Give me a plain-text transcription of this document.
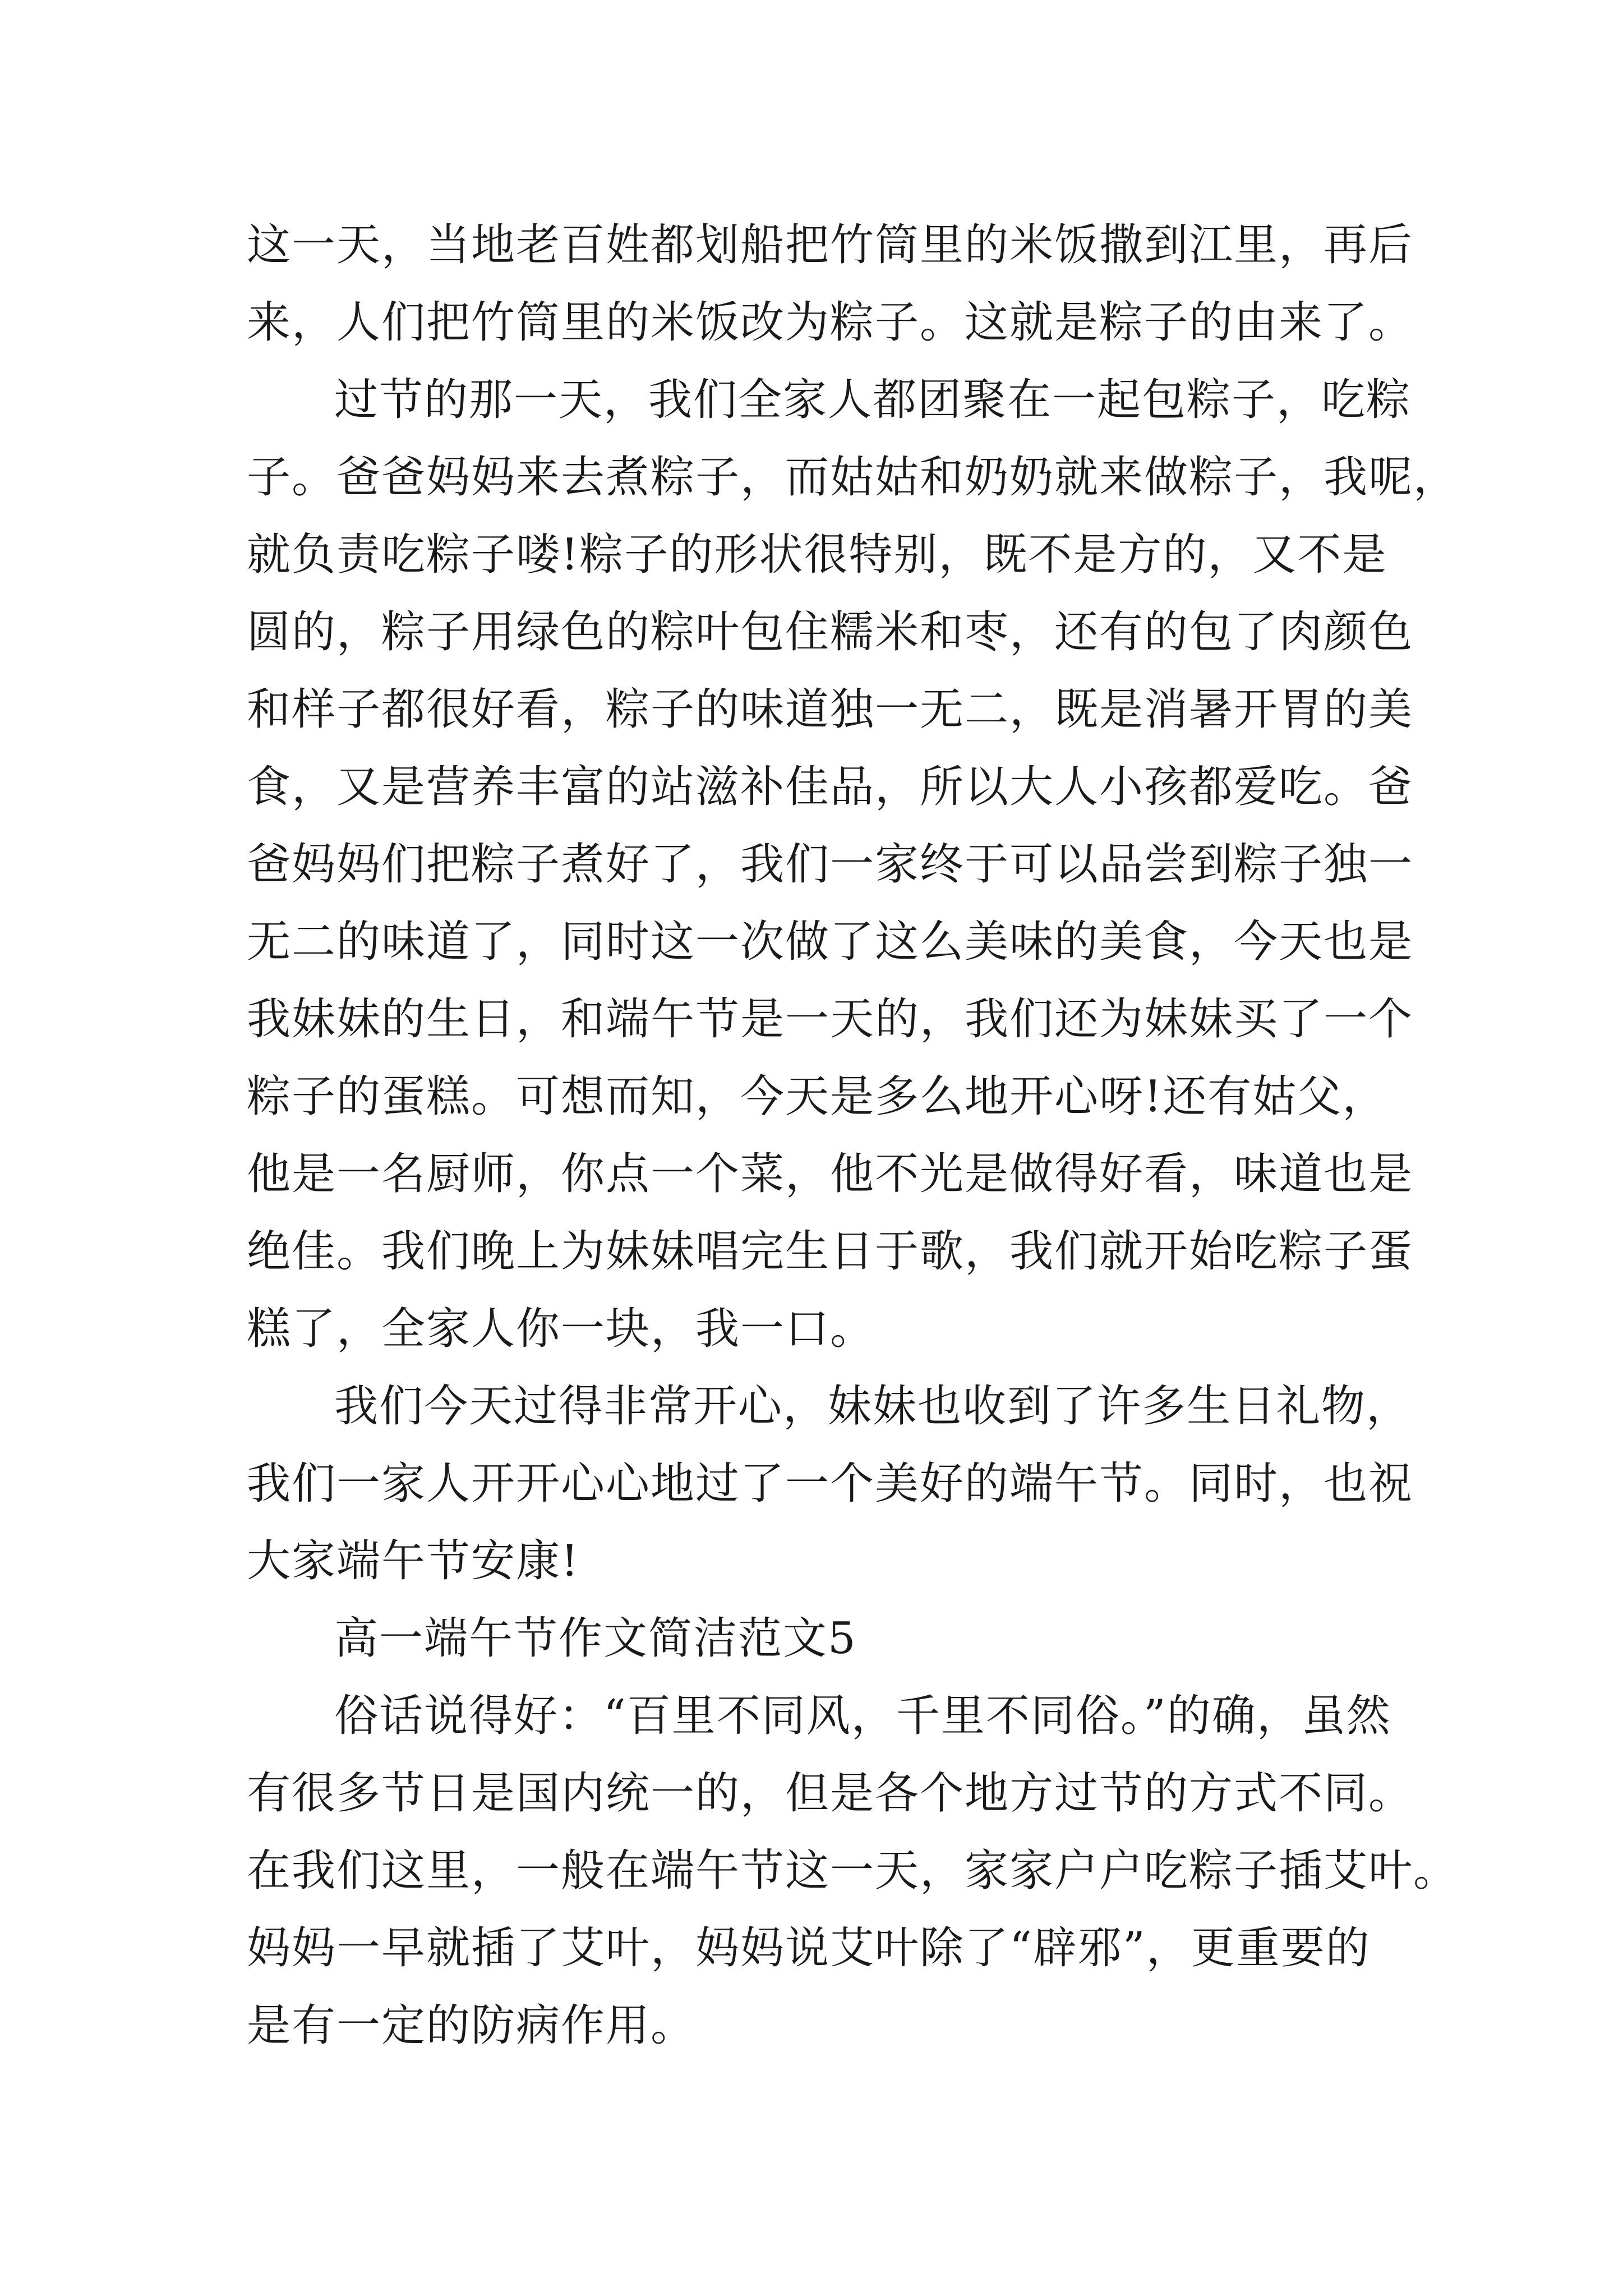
这一天，当地老百姓都划船把竹筒里的米饭撒到江里，再后
来，人们把竹筒里的米饭改为粽子。这就是粽子的由来了。
过节的那一天，我们全家人都团聚在一起包粽子，吃粽
子。爸爸妈妈来去煮粽子，而姑姑和奶奶就来做粽子，我呢，
就负责吃粽子喽!粽子的形状很特别，既不是方的，又不是
圆的，粽子用绿色的粽叶包住糯米和枣，还有的包了肉颜色
和样子都很好看，粽子的味道独一无二，既是消暑开胃的美
食，又是营养丰富的站滋补佳品，所以大人小孩都爱吃。爸
爸妈妈们把粽子煮好了，我们一家终于可以品尝到粽子独一
无二的味道了，同时这一次做了这么美味的美食，今天也是
我妹妹的生日，和端午节是一天的，我们还为妹妹买了一个
粽子的蛋糕。可想而知，今天是多么地开心呀!还有姑父，
他是一名厨师，你点一个菜，他不光是做得好看，味道也是
绝佳。我们晚上为妹妹唱完生日于歌，我们就开始吃粽子蛋
糕了，全家人你一块，我一口。
我们今天过得非常开心，妹妹也收到了许多生日礼物，
我们一家人开开心心地过了一个美好的端午节。同时，也祝
大家端午节安康!
高一端午节作文简洁范文5
俗话说得好：“百里不同风，千里不同俗。”的确，虽然
有很多节日是国内统一的，但是各个地方过节的方式不同。
在我们这里，一般在端午节这一天，家家户户吃粽子插艾叶。
妈妈一早就插了艾叶，妈妈说艾叶除了“辟邪”，更重要的
是有一定的防病作用。
